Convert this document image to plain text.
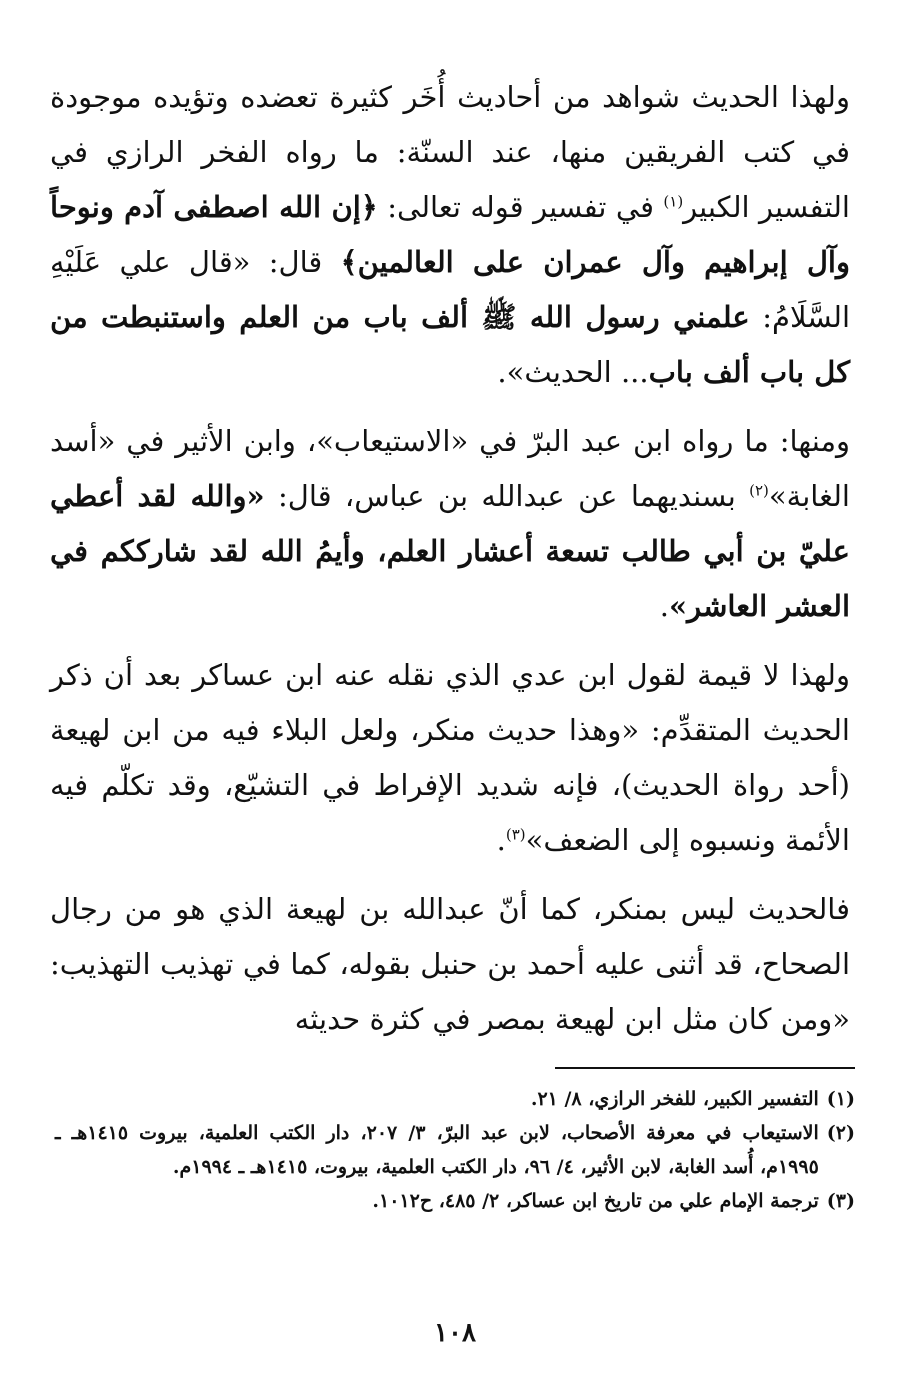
ولهذا الحديث شواهد من أحاديث أُخَر كثيرة تعضده وتؤيده موجودة في كتب الفريقين منها، عند السنّة: ما رواه الفخر الرازي في التفسير الكبير$^{(١)}$ في تفسير قوله تعالى: ﴿إن الله اصطفى آدم ونوحاً وآل إبراهيم وآل عمران على العالمين﴾ قال: «قال علي عَلَيْهِ السَّلَامُ: علمني رسول الله ﷺ ألف باب من العلم واستنبطت من كل باب ألف باب... الحديث».

ومنها: ما رواه ابن عبد البرّ في «الاستيعاب»، وابن الأثير في «أسد الغابة»$^{(٢)}$ بسنديهما عن عبدالله بن عباس، قال: «والله لقد أعطي عليّ بن أبي طالب تسعة أعشار العلم، وأيمُ الله لقد شارككم في العشر العاشر».

ولهذا لا قيمة لقول ابن عدي الذي نقله عنه ابن عساكر بعد أن ذكر الحديث المتقدِّم: «وهذا حديث منكر، ولعل البلاء فيه من ابن لهيعة (أحد رواة الحديث)، فإنه شديد الإفراط في التشيّع، وقد تكلّم فيه الأئمة ونسبوه إلى الضعف»$^{(٣)}$.

فالحديث ليس بمنكر، كما أنّ عبدالله بن لهيعة الذي هو من رجال الصحاح، قد أثنى عليه أحمد بن حنبل بقوله، كما في تهذيب التهذيب: «ومن كان مثل ابن لهيعة بمصر في كثرة حديثه

(١)
التفسير الكبير، للفخر الرازي، ٨/ ٢١.
(٢)
الاستيعاب في معرفة الأصحاب، لابن عبد البرّ، ٣/ ٢٠٧، دار الكتب العلمية، بيروت ١٤١٥هـ ـ ١٩٩٥م، أُسد الغابة، لابن الأثير، ٤/ ٩٦، دار الكتب العلمية، بيروت، ١٤١٥هـ ـ ١٩٩٤م.
(٣)
ترجمة الإمام علي من تاريخ ابن عساكر، ٢/ ٤٨٥، ح١٠١٢.
١٠٨
